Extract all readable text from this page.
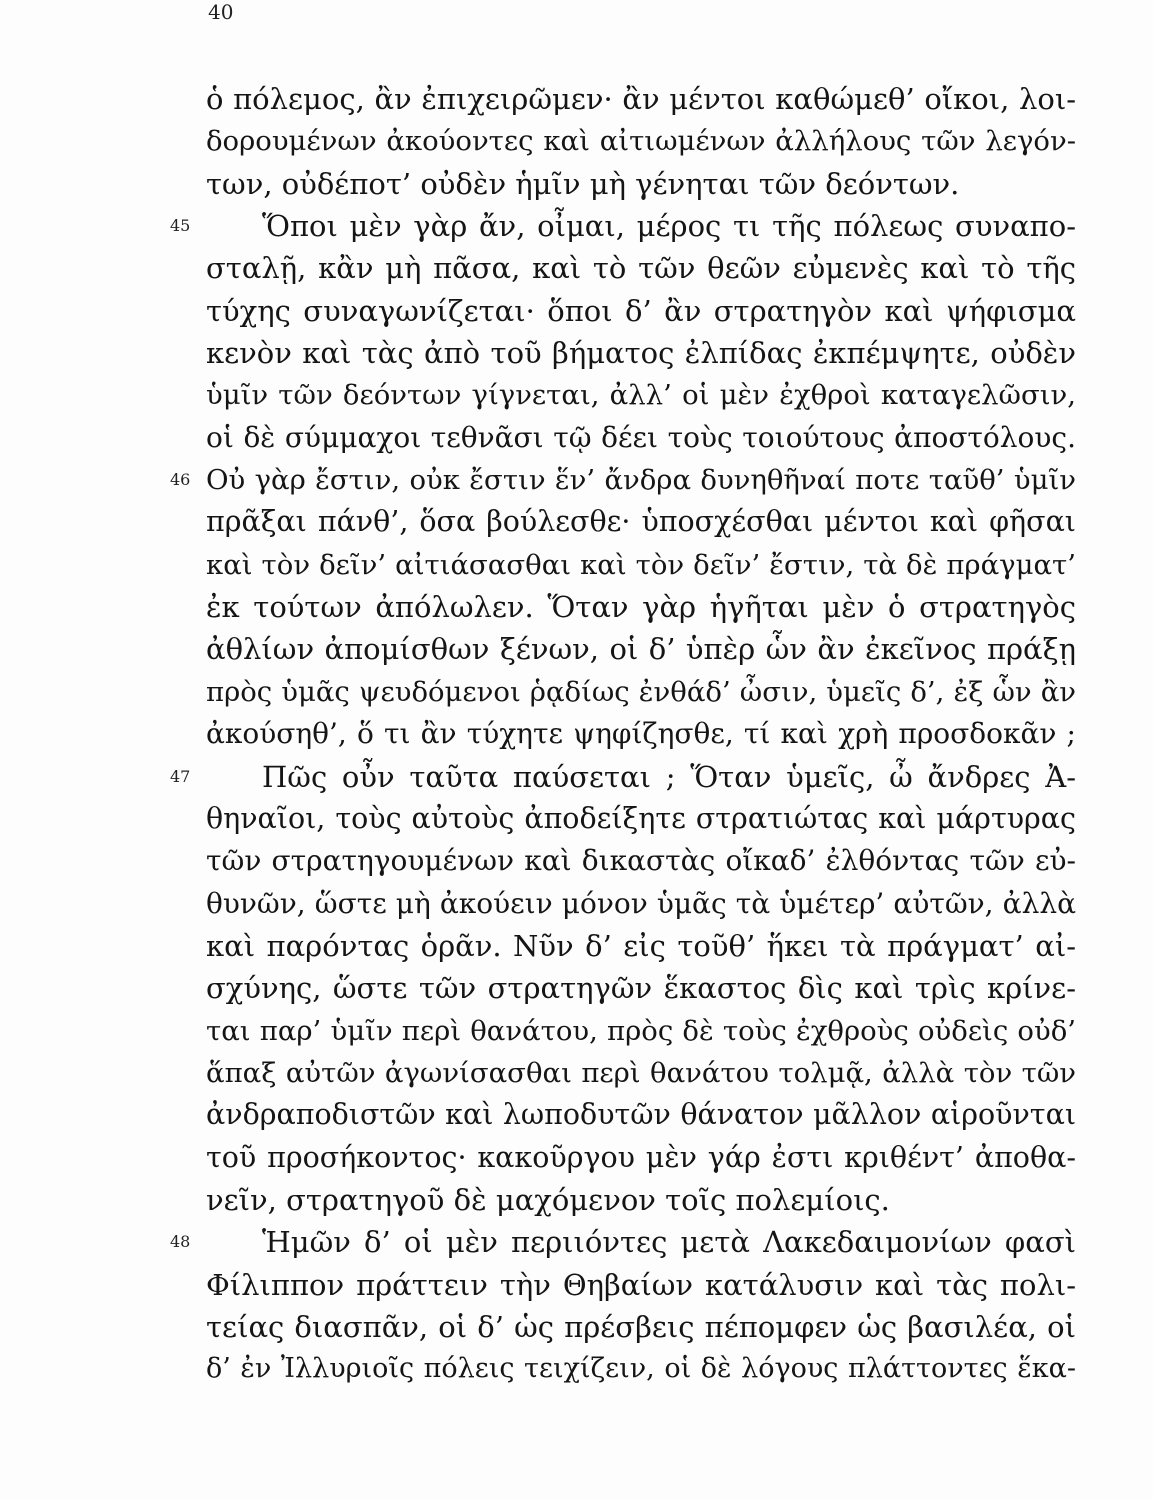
40
ὁ πόλεμος, ἂν ἐπιχειρῶμεν· ἂν μέντοι καθώμεθ’ οἴκοι, λοι-
δορουμένων ἀκούοντες καὶ αἰτιωμένων ἀλλήλους τῶν λεγόν-
των, οὐδέποτ’ οὐδὲν ἡμῖν μὴ γένηται τῶν δεόντων.
45	Ὅποι μὲν γὰρ ἄν, οἶμαι, μέρος τι τῆς πόλεως συναπο-
σταλῇ, κἂν μὴ πᾶσα, καὶ τὸ τῶν θεῶν εὐμενὲς καὶ τὸ τῆς
τύχης συναγωνίζεται· ὅποι δ’ ἂν στρατηγὸν καὶ ψήφισμα
κενὸν καὶ τὰς ἀπὸ τοῦ βήματος ἐλπίδας ἐκπέμψητε, οὐδὲν
ὑμῖν τῶν δεόντων γίγνεται, ἀλλ’ οἱ μὲν ἐχθροὶ καταγελῶσιν,
οἱ δὲ σύμμαχοι τεθνᾶσι τῷ δέει τοὺς τοιούτους ἀποστόλους.
46 Οὐ γὰρ ἔστιν, οὐκ ἔστιν ἕν’ ἄνδρα δυνηθῆναί ποτε ταῦθ’ ὑμῖν
πρᾶξαι πάνθ’, ὅσα βούλεσθε· ὑποσχέσθαι μέντοι καὶ φῆσαι
καὶ τὸν δεῖν’ αἰτιάσασθαι καὶ τὸν δεῖν’ ἔστιν, τὰ δὲ πράγματ’
ἐκ τούτων ἀπόλωλεν. Ὅταν γὰρ ἡγῆται μὲν ὁ στρατηγὸς
ἀθλίων ἀπομίσθων ξένων, οἱ δ’ ὑπὲρ ὧν ἂν ἐκεῖνος πράξῃ
πρὸς ὑμᾶς ψευδόμενοι ῥᾳδίως ἐνθάδ’ ὦσιν, ὑμεῖς δ’, ἐξ ὧν ἂν
ἀκούσηθ’, ὅ τι ἂν τύχητε ψηφίζησθε, τί καὶ χρὴ προσδοκᾶν ;
47	Πῶς οὖν ταῦτα παύσεται ; Ὅταν ὑμεῖς, ὦ ἄνδρες Ἀ-
θηναῖοι, τοὺς αὐτοὺς ἀποδείξητε στρατιώτας καὶ μάρτυρας
τῶν στρατηγουμένων καὶ δικαστὰς οἴκαδ’ ἐλθόντας τῶν εὐ-
θυνῶν, ὥστε μὴ ἀκούειν μόνον ὑμᾶς τὰ ὑμέτερ’ αὐτῶν, ἀλλὰ
καὶ παρόντας ὁρᾶν. Νῦν δ’ εἰς τοῦθ’ ἥκει τὰ πράγματ’ αἰ-
σχύνης, ὥστε τῶν στρατηγῶν ἕκαστος δὶς καὶ τρὶς κρίνε-
ται παρ’ ὑμῖν περὶ θανάτου, πρὸς δὲ τοὺς ἐχθροὺς οὐδεὶς οὐδ’
ἅπαξ αὐτῶν ἀγωνίσασθαι περὶ θανάτου τολμᾷ, ἀλλὰ τὸν τῶν
ἀνδραποδιστῶν καὶ λωποδυτῶν θάνατον μᾶλλον αἱροῦνται
τοῦ προσήκοντος· κακοῦργου μὲν γάρ ἐστι κριθέντ’ ἀποθα-
νεῖν, στρατηγοῦ δὲ μαχόμενον τοῖς πολεμίοις.
48	Ἡμῶν δ’ οἱ μὲν περιιόντες μετὰ Λακεδαιμονίων φασὶ
Φίλιππον πράττειν τὴν Θηβαίων κατάλυσιν καὶ τὰς πολι-
τείας διασπᾶν, οἱ δ’ ὡς πρέσβεις πέπομφεν ὡς βασιλέα, οἱ
δ’ ἐν Ἰλλυριοῖς πόλεις τειχίζειν, οἱ δὲ λόγους πλάττοντες ἕκα-
